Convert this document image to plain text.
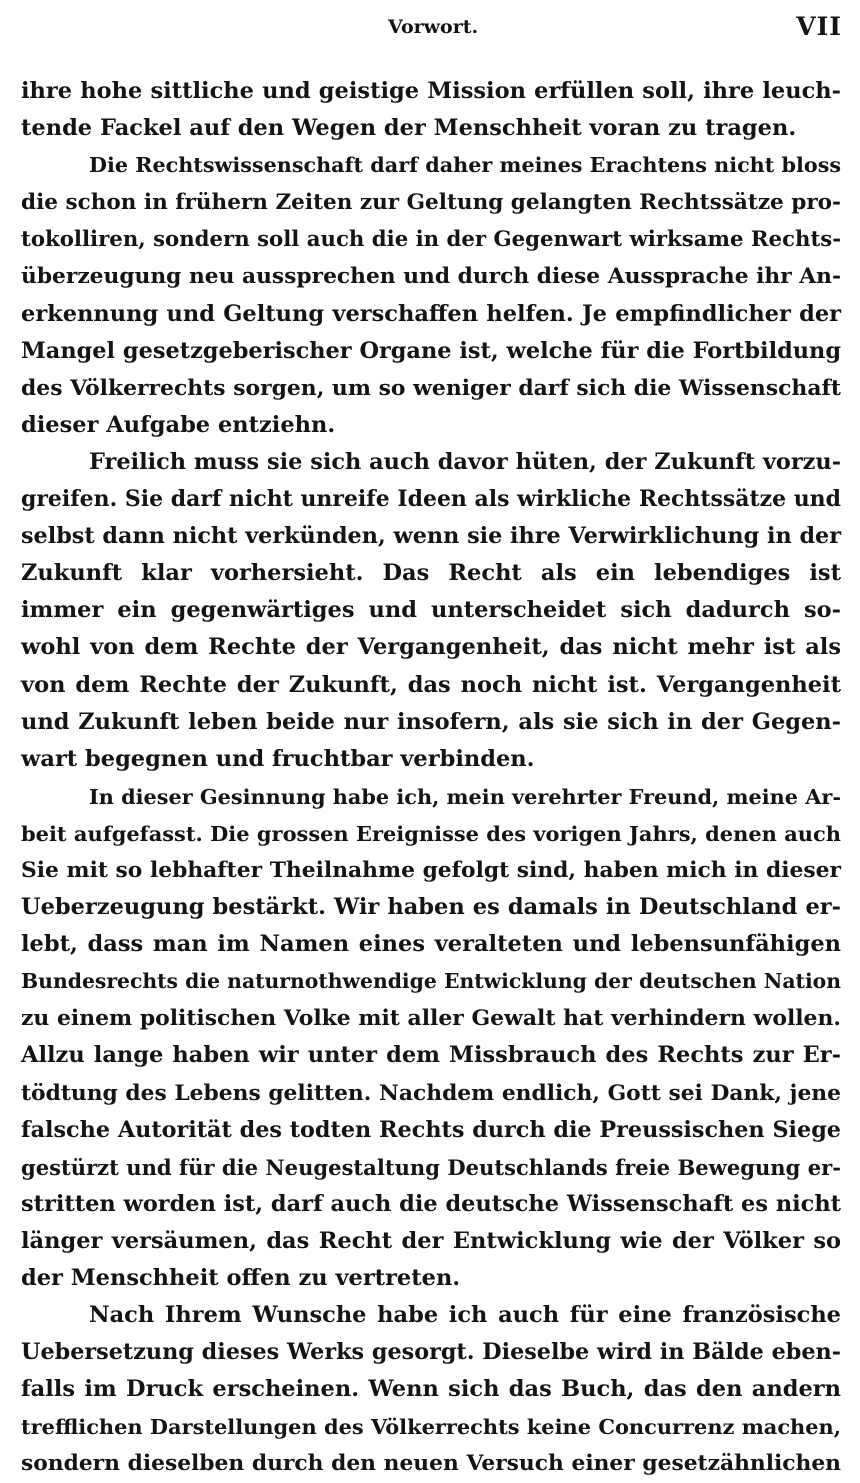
Vorwort.	VII
ihre hohe sittliche und geistige Mission erfüllen soll, ihre leuch-
tende Fackel auf den Wegen der Menschheit voran zu tragen.
Die Rechtswissenschaft darf daher meines Erachtens nicht bloss
die schon in frühern Zeiten zur Geltung gelangten Rechtssätze pro-
tokolliren, sondern soll auch die in der Gegenwart wirksame Rechts-
überzeugung neu aussprechen und durch diese Aussprache ihr An-
erkennung und Geltung verschaffen helfen. Je empfindlicher der
Mangel gesetzgeberischer Organe ist, welche für die Fortbildung
des Völkerrechts sorgen, um so weniger darf sich die Wissenschaft
dieser Aufgabe entziehn.
Freilich muss sie sich auch davor hüten, der Zukunft vorzu-
greifen. Sie darf nicht unreife Ideen als wirkliche Rechtssätze und
selbst dann nicht verkünden, wenn sie ihre Verwirklichung in der
Zukunft klar vorhersieht. Das Recht als ein lebendiges ist
immer ein gegenwärtiges und unterscheidet sich dadurch so-
wohl von dem Rechte der Vergangenheit, das nicht mehr ist als
von dem Rechte der Zukunft, das noch nicht ist. Vergangenheit
und Zukunft leben beide nur insofern, als sie sich in der Gegen-
wart begegnen und fruchtbar verbinden.
In dieser Gesinnung habe ich, mein verehrter Freund, meine Ar-
beit aufgefasst. Die grossen Ereignisse des vorigen Jahrs, denen auch
Sie mit so lebhafter Theilnahme gefolgt sind, haben mich in dieser
Ueberzeugung bestärkt. Wir haben es damals in Deutschland er-
lebt, dass man im Namen eines veralteten und lebensunfähigen
Bundesrechts die naturnothwendige Entwicklung der deutschen Nation
zu einem politischen Volke mit aller Gewalt hat verhindern wollen.
Allzu lange haben wir unter dem Missbrauch des Rechts zur Er-
tödtung des Lebens gelitten. Nachdem endlich, Gott sei Dank, jene
falsche Autorität des todten Rechts durch die Preussischen Siege
gestürzt und für die Neugestaltung Deutschlands freie Bewegung er-
stritten worden ist, darf auch die deutsche Wissenschaft es nicht
länger versäumen, das Recht der Entwicklung wie der Völker so
der Menschheit offen zu vertreten.
Nach Ihrem Wunsche habe ich auch für eine französische
Uebersetzung dieses Werks gesorgt. Dieselbe wird in Bälde eben-
falls im Druck erscheinen. Wenn sich das Buch, das den andern
trefflichen Darstellungen des Völkerrechts keine Concurrenz machen,
sondern dieselben durch den neuen Versuch einer gesetzähnlichen
